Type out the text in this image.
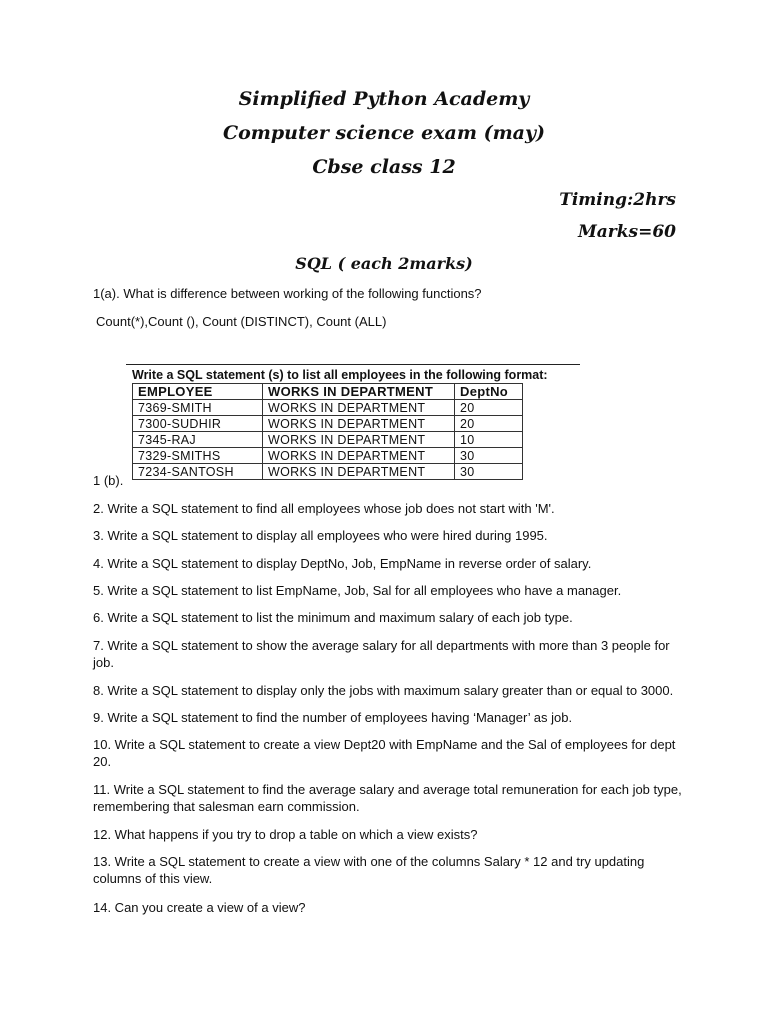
Simplified Python Academy
Computer science exam (may)
Cbse class 12
Timing:2hrs
Marks=60
SQL ( each 2marks)
1(a). What is difference between working of the following functions?
Count(*),Count (), Count (DISTINCT), Count (ALL)
Write a SQL statement (s) to list all employees in the following format:
EMPLOYEE	WORKS IN DEPARTMENT	DeptNo
7369-SMITH	WORKS IN DEPARTMENT	20
7300-SUDHIR	WORKS IN DEPARTMENT	20
7345-RAJ	WORKS IN DEPARTMENT	10
7329-SMITHS	WORKS IN DEPARTMENT	30
7234-SANTOSH	WORKS IN DEPARTMENT	30
1 (b).
2. Write a SQL statement to find all employees whose job does not start with 'M'.
3. Write a SQL statement to display all employees who were hired during 1995.
4. Write a SQL statement to display DeptNo, Job, EmpName in reverse order of salary.
5. Write a SQL statement to list EmpName, Job, Sal for all employees who have a manager.
6. Write a SQL statement to list the minimum and maximum salary of each job type.
7. Write a SQL statement to show the average salary for all departments with more than 3 people for job.
8. Write a SQL statement to display only the jobs with maximum salary greater than or equal to 3000.
9. Write a SQL statement to find the number of employees having ‘Manager’ as job.
10. Write a SQL statement to create a view Dept20 with EmpName and the Sal of employees for dept 20.
11. Write a SQL statement to find the average salary and average total remuneration for each job type, remembering that salesman earn commission.
12. What happens if you try to drop a table on which a view exists?
13. Write a SQL statement to create a view with one of the columns Salary * 12 and try updating columns of this view.
14. Can you create a view of a view?
